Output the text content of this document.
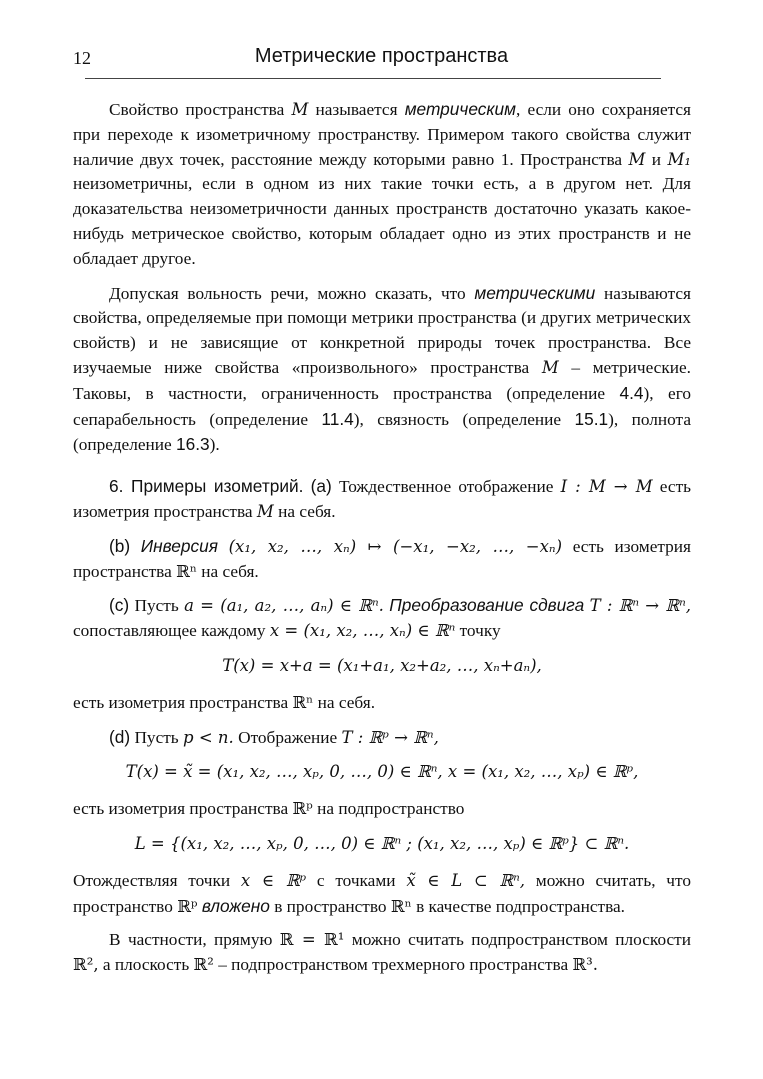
12	Метрические пространства

Свойство пространства M называется метрическим, если оно сохраняется при переходе к изометричному пространству. Примером такого свойства служит наличие двух точек, расстояние между которыми равно 1. Пространства M и M₁ неизометричны, если в одном из них такие точки есть, а в другом нет. Для доказательства неизометричности данных пространств достаточно указать какое-нибудь метрическое свойство, которым обладает одно из этих пространств и не обладает другое.

Допуская вольность речи, можно сказать, что метрическими называются свойства, определяемые при помощи метрики пространства (и других метрических свойств) и не зависящие от конкретной природы точек пространства. Все изучаемые ниже свойства «произвольного» пространства M – метрические. Таковы, в частности, ограниченность пространства (определение 4.4), его сепарабельность (определение 11.4), связность (определение 15.1), полнота (определение 16.3).

6. Примеры изометрий. (a) Тождественное отображение I : M → M есть изометрия пространства M на себя.

(b) Инверсия (x₁, x₂, …, xₙ) ↦ (−x₁, −x₂, …, −xₙ) есть изометрия пространства ℝⁿ на себя.

(c) Пусть a = (a₁, a₂, …, aₙ) ∈ ℝⁿ. Преобразование сдвига T : ℝⁿ → ℝⁿ, сопоставляющее каждому x = (x₁, x₂, …, xₙ) ∈ ℝⁿ точку

T(x) = x+a = (x₁+a₁, x₂+a₂, …, xₙ+aₙ),

есть изометрия пространства ℝⁿ на себя.

(d) Пусть p < n. Отображение T : ℝᵖ → ℝⁿ,

T(x) = x̃ = (x₁, x₂, …, xₚ, 0, …, 0) ∈ ℝⁿ, x = (x₁, x₂, …, xₚ) ∈ ℝᵖ,

есть изометрия пространства ℝᵖ на подпространство

L = {(x₁, x₂, …, xₚ, 0, …, 0) ∈ ℝⁿ ; (x₁, x₂, …, xₚ) ∈ ℝᵖ} ⊂ ℝⁿ.

Отождествляя точки x ∈ ℝᵖ с точками x̃ ∈ L ⊂ ℝⁿ, можно считать, что пространство ℝᵖ вложено в пространство ℝⁿ в качестве подпространства.

В частности, прямую ℝ = ℝ¹ можно считать подпространством плоскости ℝ², а плоскость ℝ² – подпространством трехмерного пространства ℝ³.
